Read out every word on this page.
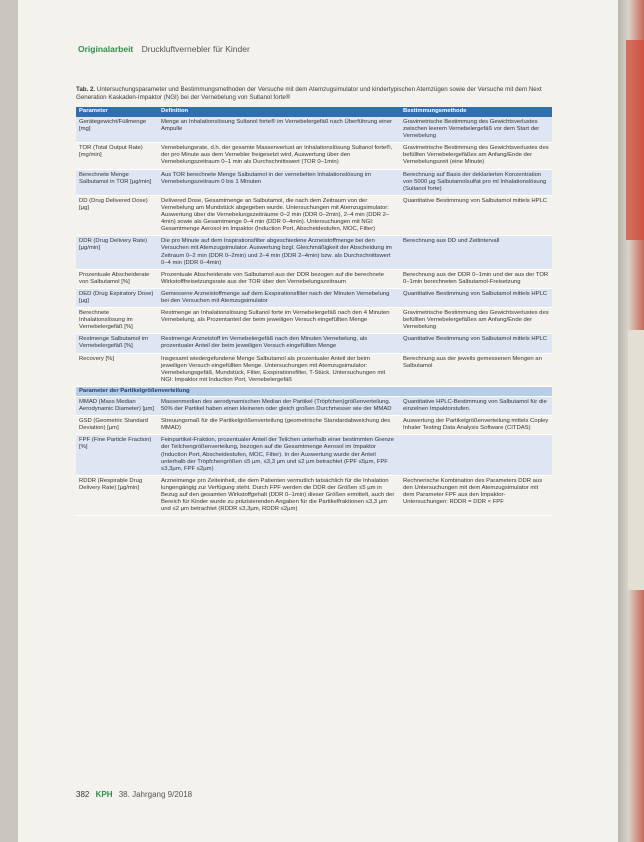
Originalarbeit Druckluftvernebler für Kinder
Tab. 2. Untersuchungsparameter und Bestimmungsmethoden der Versuche mit dem Atemzugsimulator und kindertypischen Atemzügen sowie der Versuche mit dem Next Generation Kaskaden-Impaktor (NGI) bei der Vernebelung von Sultanol forte®
Parameter	Definition	Bestimmungsmethode
Gerätegewicht/Füllmenge [mg]	Menge an Inhalationslösung Sultanol forte® im Vernebelergefäß nach Überführung einer Ampulle	Gravimetrische Bestimmung des Gewichtsverlustes zwischen leerem Vernebelergefäß vor dem Start der Vernebelung
TOR (Total Output Rate) [mg/min]	Vernebelungsrate, d.h. der gesamte Massenverlust an Inhalationslösung Sultanol forte®, der pro Minute aus dem Vernebler freigesetzt wird, Auswertung über den Vernebelungszeitraum 0–1 min als Durchschnittswert (TOR 0–1min)	Gravimetrische Bestimmung des Gewichtsverlustes des befüllten Vernebelergefäßes am Anfang/Ende der Vernebelungszeit (eine Minute)
Berechnete Menge Salbutamol in TOR [µg/min]	Aus TOR berechnete Menge Salbutamol in der vernebelten Inhalationslösung im Vernebelungszeitraum 0 bis 1 Minuten	Berechnung auf Basis der deklarierten Konzentration von 5000 µg Salbutamolsulfat pro ml Inhalationslösung (Sultanol forte)
DD (Drug Delivered Dose) [µg]	Delivered Dose, Gesamtmenge an Salbutamol, die nach dem Zeitraum von der Vernebelung am Mundstück abgegeben wurde. Untersuchungen mit Atemzugsimulator: Auswertung über die Vernebelungszeiträume 0–2 min (DDR 0–2min), 2–4 min (DDR 2–4min) sowie als Gesamtmenge 0–4 min (DDR 0–4min). Untersuchungen mit NGI: Gesamtmenge Aerosol im Impaktor (Induction Port, Abscheidestufen, MOC, Filter)	Quantitative Bestimmung von Salbutamol mittels HPLC
DDR (Drug Delivery Rate) [µg/min]	Die pro Minute auf dem Inspirationsfilter abgeschiedene Arzneistoffmenge bei den Versuchen mit Atemzugsimulator. Auswertung bzgl. Gleichmäßigkeit der Abscheidung im Zeitraum 0–2 min (DDR 0–2min) und 2–4 min (DDR 2–4min) bzw. als Durchschnittswert 0–4 min (DDR 0–4min)	Berechnung aus DD und Zeitintervall
Prozentuale Abscheiderate von Salbutamol [%]	Prozentuale Abscheiderate von Salbutamol aus der DDR bezogen auf die berechnete Wirkstofffreisetzungsrate aus der TOR über den Vernebelungszeitraum	Berechnung aus der DDR 0–1min und der aus der TOR 0–1min berechneten Salbutamol-Freisetzung
DED (Drug Expiratory Dose) [µg]	Gemessene Arzneistoffmenge auf dem Exspirationsfilter nach der Minuten Vernebelung bei den Versuchen mit Atemzugsimulator	Quantitative Bestimmung von Salbutamol mittels HPLC
Berechnete Inhalationslösung im Vernebelergefäß [%]	Restmenge an Inhalationslösung Sultanol forte im Vernebelergefäß nach den 4 Minuten Vernebelung, als Prozentanteil der beim jeweiligen Versuch eingefüllten Menge	Gravimetrische Bestimmung des Gewichtsverlustes des befüllten Vernebelergefäßes am Anfang/Ende der Vernebelung
Restmenge Salbutamol im Vernebelergefäß [%]	Restmenge Arzneistoff im Vernebelergefäß nach den Minuten Vernebelung, als prozentualer Anteil der beim jeweiligen Versuch eingefüllten Menge	Quantitative Bestimmung von Salbutamol mittels HPLC
Recovery [%]	Insgesamt wiedergefundene Menge Salbutamol als prozentualer Anteil der beim jeweiligen Versuch eingefüllten Menge. Untersuchungen mit Atemzugsimulator: Vernebelungsgefäß, Mundstück, Filter, Exspirationsfilter, T-Stück. Untersuchungen mit NGI: Impaktor mit Induction Port, Vernebelergefäß	Berechnung aus der jeweils gemessenen Mengen an Salbutamol
Parameter der Partikelgrößenverteilung		
MMAD (Mass Median Aerodynamic Diameter) [µm]	Massenmedian des aerodynamischen Median der Partikel (Tröpfchen)größenverteilung. 50% der Partikel haben einen kleineren oder gleich großen Durchmesser wie der MMAD	Quantitative HPLC-Bestimmung von Salbutamol für die einzelnen Impaktorstufen.
GSD (Geometric Standard Deviation) [µm]	Streuungsmaß für die Partikelgrößenverteilung (geometrische Standardabweichung des MMAD)	Auswertung der Partikelgrößenverteilung mittels Copley Inhaler Testing Data Analysis Software (CITDAS)
FPF (Fine Particle Fraction) [%]	Feinpartikel-Fraktion, prozentualer Anteil der Teilchen unterhalb einer bestimmten Grenze der Teilchengrößenverteilung, bezogen auf die Gesamtmenge Aerosol im Impaktor (Induction Port, Abscheidestufen, MOC, Filter). In der Auswertung wurde der Anteil unterhalb der Tröpfchengrößen ≤5 µm, ≤3,3 µm und ≤2 µm betrachtet (FPF ≤5µm, FPF ≤3,3µm, FPF ≤2µm)	
RDDR (Respirable Drug Delivery Rate) [µg/min]	Arzneimenge pro Zeiteinheit, die dem Patienten vermutlich tatsächlich für die Inhalation lungengängig zur Verfügung steht. Durch FPF werden die DDR der Größen ≤5 µm in Bezug auf den gesamten Wirkstoffgehalt (DDR 0–1min) dieser Größen ermittelt, auch der Bereich für Kinder wurde zu präzisierenden Angaben für die Partikelfraktionen ≤3,3 µm und ≤2 µm betrachtet (RDDR ≤3,3µm, RDDR ≤2µm)	Rechnerische Kombination des Parameters DDR aus den Untersuchungen mit dem Atemzugsimulator mit dem Parameter FPF aus den Impaktor-Untersuchungen: RDDR = DDR × FPF
382 KPH 38. Jahrgang 9/2018
